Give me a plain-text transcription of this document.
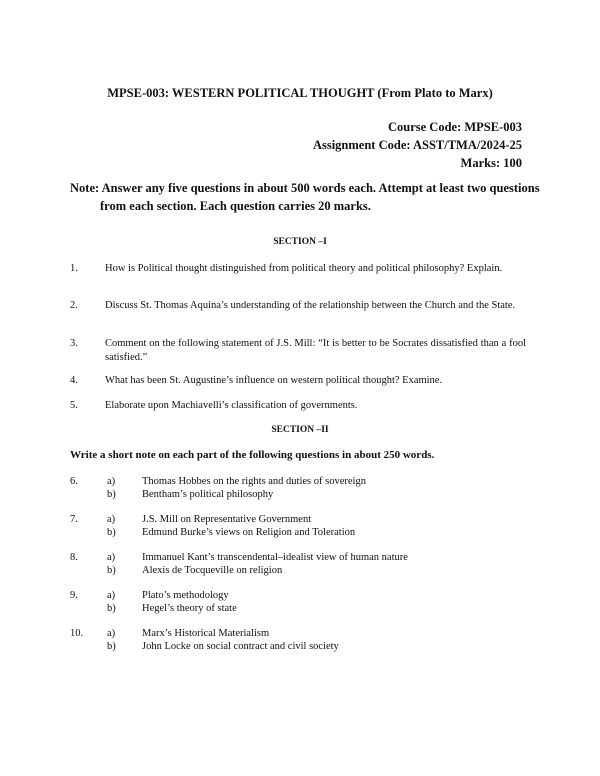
MPSE-003: WESTERN POLITICAL THOUGHT (From Plato to Marx)
Course Code: MPSE-003
Assignment Code: ASST/TMA/2024-25
Marks: 100
Note: Answer any five questions in about 500 words each. Attempt at least two questions from each section. Each question carries 20 marks.
SECTION –I
1.	How is Political thought distinguished from political theory and political philosophy? Explain.
2.	Discuss St. Thomas Aquina’s understanding of the relationship between the Church and the State.
3.	Comment on the following statement of J.S. Mill: “It is better to be Socrates dissatisfied than a fool satisfied.”
4.	What has been St. Augustine’s influence on western political thought? Examine.
5.	Elaborate upon Machiavelli’s classification of governments.
SECTION –II
Write a short note on each part of the following questions in about 250 words.
6.	a)	Thomas Hobbes on the rights and duties of sovereign
b)	Bentham’s political philosophy
7.	a)	J.S. Mill on Representative Government
b)	Edmund Burke’s views on Religion and Toleration
8.	a)	Immanuel Kant’s transcendental–idealist view of human nature
b)	Alexis de Tocqueville on religion
9.	a)	Plato’s methodology
b)	Hegel’s theory of state
10. a)	Marx’s Historical Materialism
b)	John Locke on social contract and civil society
